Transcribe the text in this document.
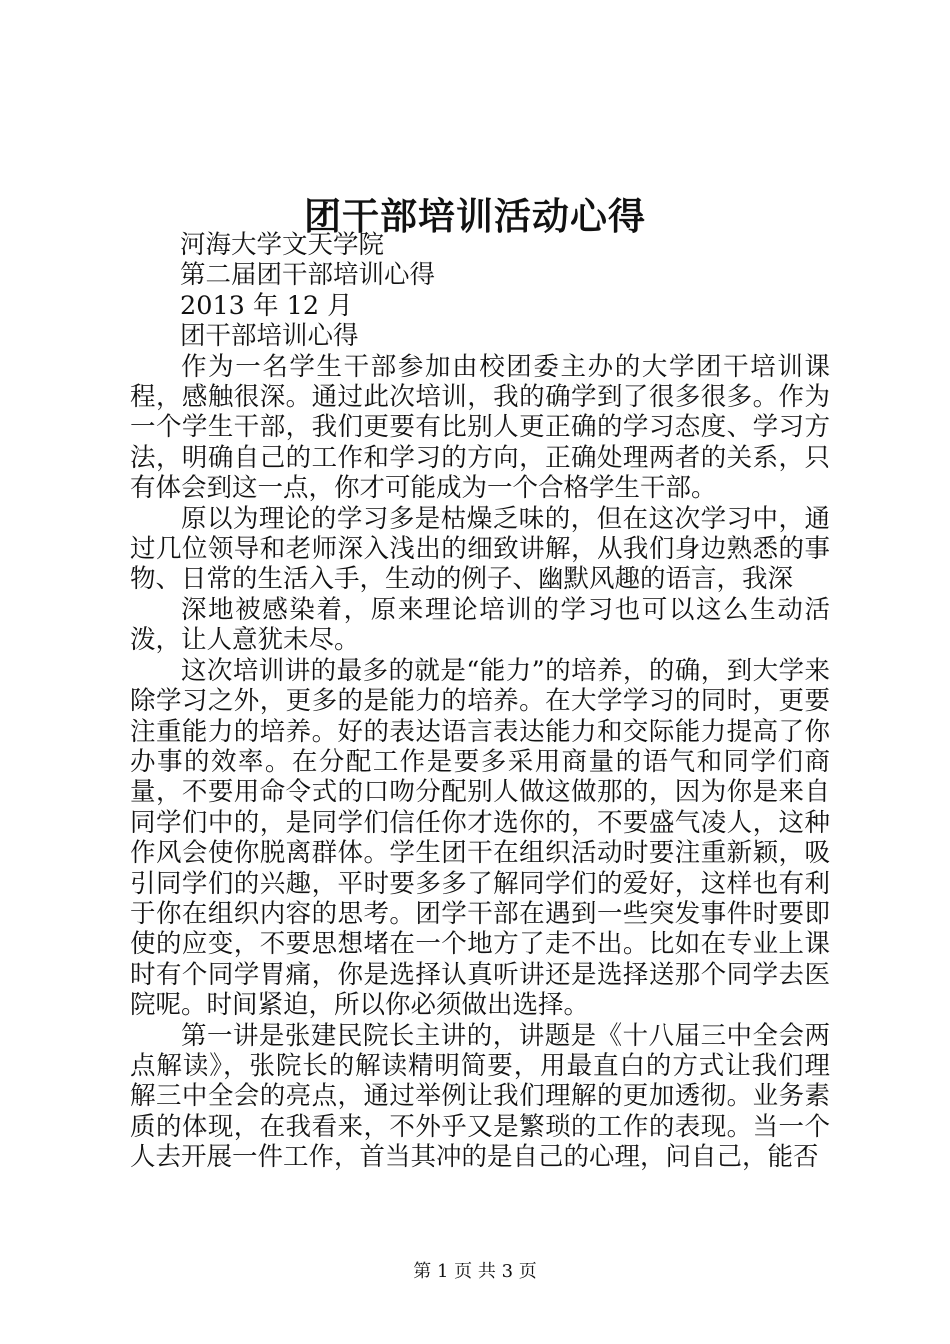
团干部培训活动心得

河海大学文天学院

第二届团干部培训心得

2013 年 12 月

团干部培训心得

作为一名学生干部参加由校团委主办的大学团干培训课程，感触很深。通过此次培训，我的确学到了很多很多。作为一个学生干部，我们更要有比别人更正确的学习态度、学习方法，明确自己的工作和学习的方向，正确处理两者的关系，只有体会到这一点，你才可能成为一个合格学生干部。

原以为理论的学习多是枯燥乏味的，但在这次学习中，通过几位领导和老师深入浅出的细致讲解，从我们身边熟悉的事物、日常的生活入手，生动的例子、幽默风趣的语言，我深

深地被感染着，原来理论培训的学习也可以这么生动活泼，让人意犹未尽。

这次培训讲的最多的就是“能力”的培养，的确，到大学来除学习之外，更多的是能力的培养。在大学学习的同时，更要注重能力的培养。好的表达语言表达能力和交际能力提高了你办事的效率。在分配工作是要多采用商量的语气和同学们商量，不要用命令式的口吻分配别人做这做那的，因为你是来自同学们中的，是同学们信任你才选你的，不要盛气凌人，这种作风会使你脱离群体。学生团干在组织活动时要注重新颖，吸引同学们的兴趣，平时要多多了解同学们的爱好，这样也有利于你在组织内容的思考。团学干部在遇到一些突发事件时要即使的应变，不要思想堵在一个地方了走不出。比如在专业上课时有个同学胃痛，你是选择认真听讲还是选择送那个同学去医院呢。时间紧迫，所以你必须做出选择。

第一讲是张建民院长主讲的，讲题是《十八届三中全会两点解读》，张院长的解读精明简要，用最直白的方式让我们理解三中全会的亮点，通过举例让我们理解的更加透彻。业务素质的体现，在我看来，不外乎又是繁琐的工作的表现。当一个人去开展一件工作，首当其冲的是自己的心理，问自己，能否

第 1 页 共 3 页
